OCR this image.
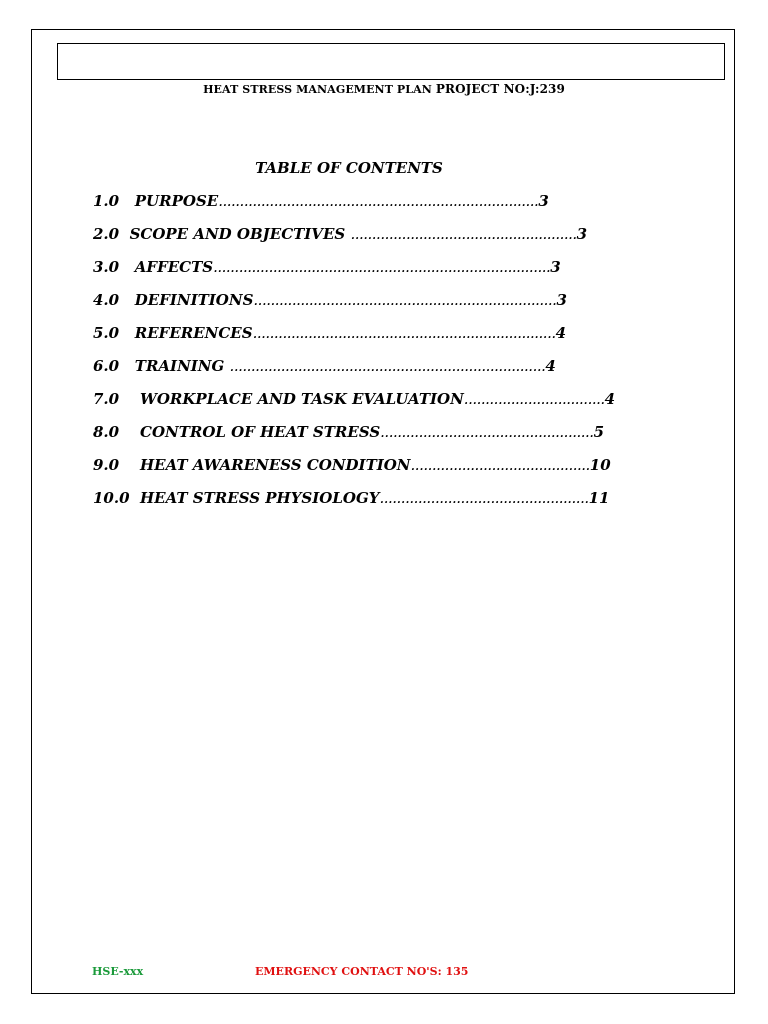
HEAT STRESS MANAGEMENT PLAN PROJECT NO:J:239
TABLE OF CONTENTS
1.0 PURPOSE...........................................................................3
2.0 SCOPE AND OBJECTIVES .....................................................3
3.0 AFFECTS...............................................................................3
4.0 DEFINITIONS.......................................................................3
5.0 REFERENCES.......................................................................4
6.0 TRAINING ..........................................................................4
7.0 WORKPLACE AND TASK EVALUATION.................................4
8.0 CONTROL OF HEAT STRESS..................................................5
9.0 HEAT AWARENESS CONDITION..........................................10
10.0 HEAT STRESS PHYSIOLOGY.................................................11
HSE-xxx	EMERGENCY CONTACT NO'S: 135
